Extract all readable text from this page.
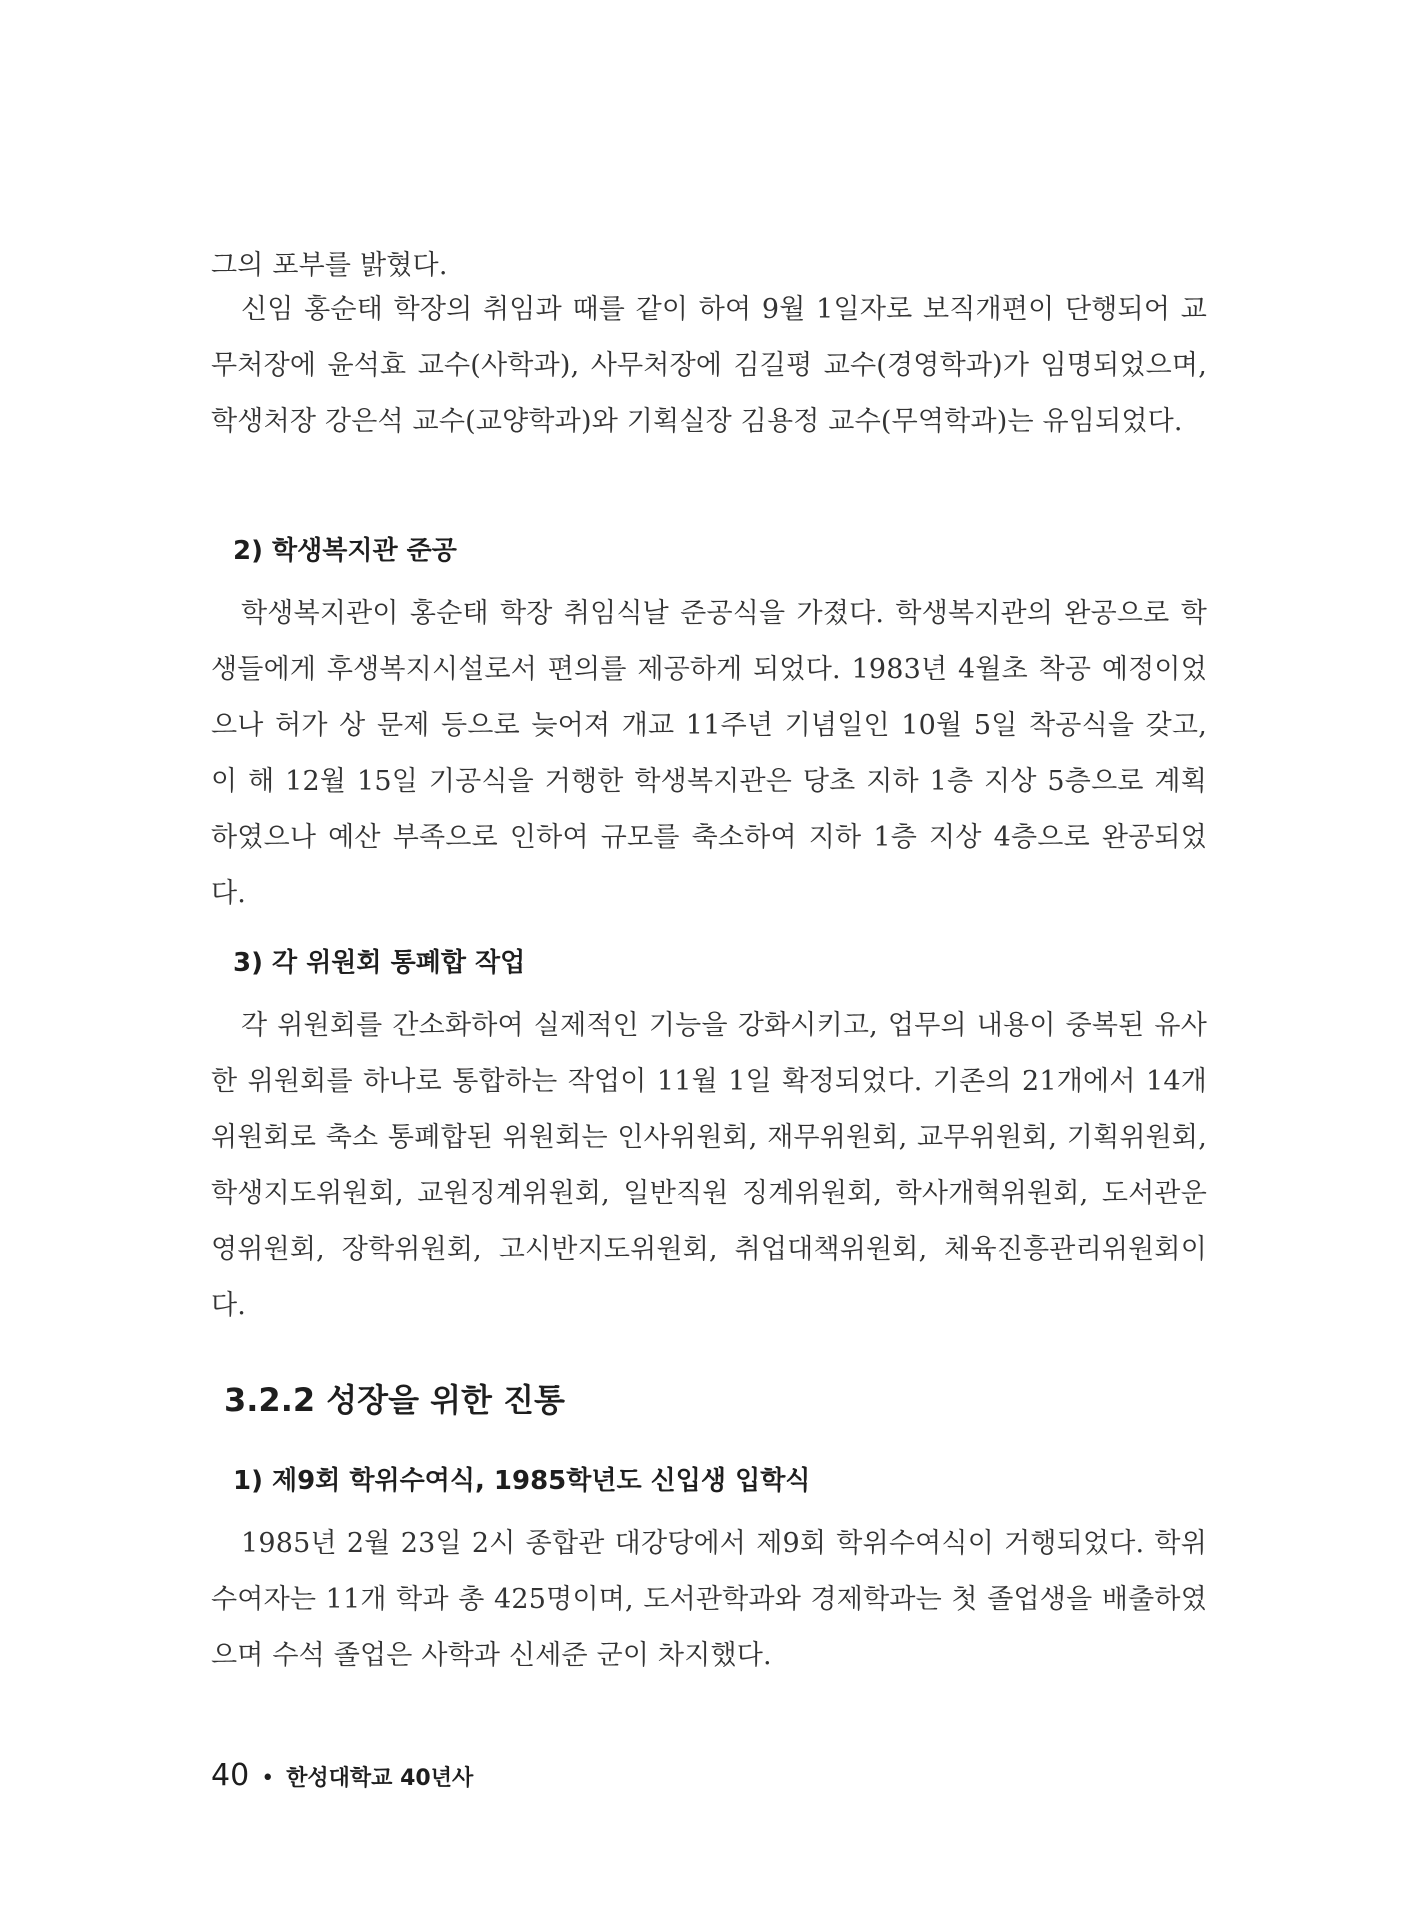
그의 포부를 밝혔다.

신임 홍순태 학장의 취임과 때를 같이 하여 9월 1일자로 보직개편이 단행되어 교무처장에 윤석효 교수(사학과), 사무처장에 김길평 교수(경영학과)가 임명되었으며, 학생처장 강은석 교수(교양학과)와 기획실장 김용정 교수(무역학과)는 유임되었다.

2) 학생복지관 준공

학생복지관이 홍순태 학장 취임식날 준공식을 가졌다. 학생복지관의 완공으로 학생들에게 후생복지시설로서 편의를 제공하게 되었다. 1983년 4월초 착공 예정이었으나 허가 상 문제 등으로 늦어져 개교 11주년 기념일인 10월 5일 착공식을 갖고, 이 해 12월 15일 기공식을 거행한 학생복지관은 당초 지하 1층 지상 5층으로 계획하였으나 예산 부족으로 인하여 규모를 축소하여 지하 1층 지상 4층으로 완공되었다.

3) 각 위원회 통폐합 작업

각 위원회를 간소화하여 실제적인 기능을 강화시키고, 업무의 내용이 중복된 유사한 위원회를 하나로 통합하는 작업이 11월 1일 확정되었다. 기존의 21개에서 14개 위원회로 축소 통폐합된 위원회는 인사위원회, 재무위원회, 교무위원회, 기획위원회, 학생지도위원회, 교원징계위원회, 일반직원 징계위원회, 학사개혁위원회, 도서관운영위원회, 장학위원회, 고시반지도위원회, 취업대책위원회, 체육진흥관리위원회이다.

3.2.2 성장을 위한 진통
1) 제9회 학위수여식, 1985학년도 신입생 입학식

1985년 2월 23일 2시 종합관 대강당에서 제9회 학위수여식이 거행되었다. 학위 수여자는 11개 학과 총 425명이며, 도서관학과와 경제학과는 첫 졸업생을 배출하였으며 수석 졸업은 사학과 신세준 군이 차지했다.

40 • 한성대학교 40년사
